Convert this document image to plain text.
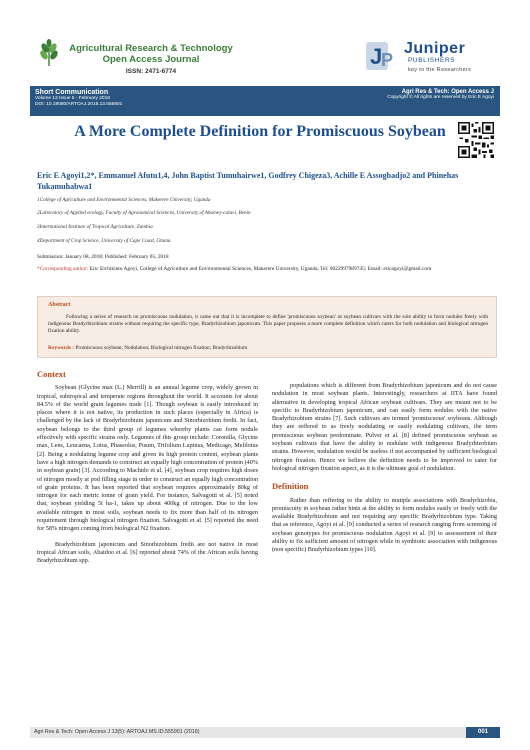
Agricultural Research & Technology
Open Access Journal
ISSN: 2471-6774
J
P
Juniper
PUBLISHERS
key to the Researchers
Short Communication
Volume 13 Issue 5 - February 2018
DOI: 10.19080/ARTOAJ.2018.13.555901
Agri Res & Tech: Open Access J
Copyright © All rights are reserved by Eric E Agoyi
A More Complete Definition for Promiscuous Soybean
Eric E Agoyi1,2*, Emmanuel Afutu1,4, John Baptist Tumuhairwe1, Godfrey Chigeza3, Achille E Assogbadjo2 and Phinehas Tukamuhabwa1
1College of Agriculture and Environmental Sciences, Makerere University, Uganda
2Laboratory of Applied ecology, Faculty of Agronomical Sciences, University of Abomey-calavi, Benin
3International Institute of Tropical Agriculture, Zambia
4Department of Crop Science, University of Cape Coast, Ghana
Submission: January 08, 2018; Published: February 05, 2018
*Corresponding author: Eric Etchikinto Agoyi, College of Agriculture and Environmental Sciences, Makerere University, Uganda, Tel: 0022997989745; Email: ericagoyi@gmail.com
Abstract
Following a series of research on promiscuous nodulation, it came out that it is incomplete to define 'promiscuous soybean' as soybean cultivars with the sole ability to form nodules freely with indigenous Bradyrhizobium strains without requiring the specific type, Bradyrhizobium japonicum. This paper proposes a more complete definition which caters for both nodulation and biological nitrogen fixation ability.
Keywords : Promiscuous soybean; Nodulation; Biological nitrogen fixation; Bradyrhizobium
Context

Soybean (Glycine max (L.) Merrill) is an annual legume crop, widely grown in tropical, subtropical and temperate regions throughout the world. It accounts for about 84.5% of the world grain legumes trade [1]. Though soybean is easily introduced in places where it is not native, its production in such places (especially in Africa) is challenged by the lack of Bradyrhizobium japonicum and Sinorhizobium fredii. In fact, soybean belongs to the third group of legumes whereby plants can form nodule effectively with specific strains only. Legumes of this group include: Coronilla, Glycine max, Lens, Leucaena, Lotus, Phaseolus, Pisum, Trifolium Lupinus, Medicago, Melilotus [2]. Being a nodulating legume crop and given its high protein content, soybean plants have a high nitrogen demands to construct an equally high concentration of protein (40% in soybean grain) [3]. According to Machido et al. [4], soybean crop requires high doses of nitrogen mostly at pod filling stage in order to construct an equally high concentration of grain proteins. It has been reported that soybean requires approximately 80kg of nitrogen for each metric tonne of grain yield. For instance, Salvagotti et al. [5] noted that, soybean yielding 5t ha-1, takes up about 400kg of nitrogen. Due to the low available nitrogen in most soils, soybean needs to fix more than half of its nitrogen requirement through biological nitrogen fixation. Salvagotti et al. [5] reported the need for 58% nitrogen coming from biological N2 fixation.

Bradyrhizobium japonicum and Sinorhizobium fredii are not native in most tropical African soils, Abaidoo et al. [6] reported about 74% of the African soils having Bradyrhizobium spp.

populations which is different from Bradyrhizobium japonicum and do not cause nodulation in most soybean plants. Interestingly, researchers at IITA have found alternative in developing tropical African soybean cultivars. They are meant not to be specific to Bradyrhizobium japonicum, and can easily form nodules with the native Bradyrhizobium strains [7]. Such cultivars are termed 'promiscuous' soybeans. Although they are reffered to as freely nodulating or easily nodulating cultivars, the term promiscuous soybean predominate. Pulver et al. [8] defined promiscuous soybean as soybean cultivars that have the ability to nodulate with indigenous Bradyrhizobium strains. However, nodulation would be useless if not accompanied by sufficient biological nitrogen fixation. Hence we believe the definition needs to be improved to cater for biological nitrogen fixation aspect, as it is the ultimate goal of nodulation.

Definition

Rather than reffering to the ability to mutiple associations with Bradyrhizobia, promiscuity in soybean rather hints at the ability to form nodules easily or freely with the available Bradyrhizobium and not requiring any specific Bradyrhizobium type. Taking that as reference, Agoyi et al. [9] conducted a series of research ranging from screening of soybean genotypes for promiscuous nodulation Agoyi et al. [9] to assessement of their ability to fix sufficient amount of nitrogen while in symbiotic association with indigenous (non specific) Bradyrhizobium types [10].

Agri Res & Tech: Open Access J 13(5): ARTOAJ.MS.ID.555901 (2018)	001
